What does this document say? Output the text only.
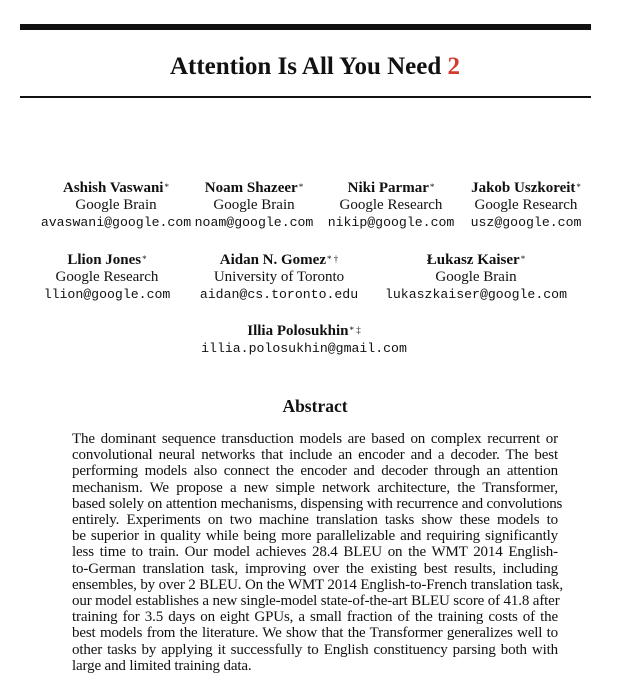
Attention Is All You Need 2
Ashish Vaswani*
Google Brain
avaswani@google.com
Noam Shazeer*
Google Brain
noam@google.com
Niki Parmar*
Google Research
nikip@google.com
Jakob Uszkoreit*
Google Research
usz@google.com
Llion Jones*
Google Research
llion@google.com
Aidan N. Gomez* †
University of Toronto
aidan@cs.toronto.edu
Łukasz Kaiser*
Google Brain
lukaszkaiser@google.com
Illia Polosukhin* ‡
illia.polosukhin@gmail.com
Abstract
The dominant sequence transduction models are based on complex recurrent or
convolutional neural networks that include an encoder and a decoder. The best
performing models also connect the encoder and decoder through an attention
mechanism. We propose a new simple network architecture, the Transformer,
based solely on attention mechanisms, dispensing with recurrence and convolutions
entirely. Experiments on two machine translation tasks show these models to
be superior in quality while being more parallelizable and requiring significantly
less time to train. Our model achieves 28.4 BLEU on the WMT 2014 English-
to-German translation task, improving over the existing best results, including
ensembles, by over 2 BLEU. On the WMT 2014 English-to-French translation task,
our model establishes a new single-model state-of-the-art BLEU score of 41.8 after
training for 3.5 days on eight GPUs, a small fraction of the training costs of the
best models from the literature. We show that the Transformer generalizes well to
other tasks by applying it successfully to English constituency parsing both with
large and limited training data.
